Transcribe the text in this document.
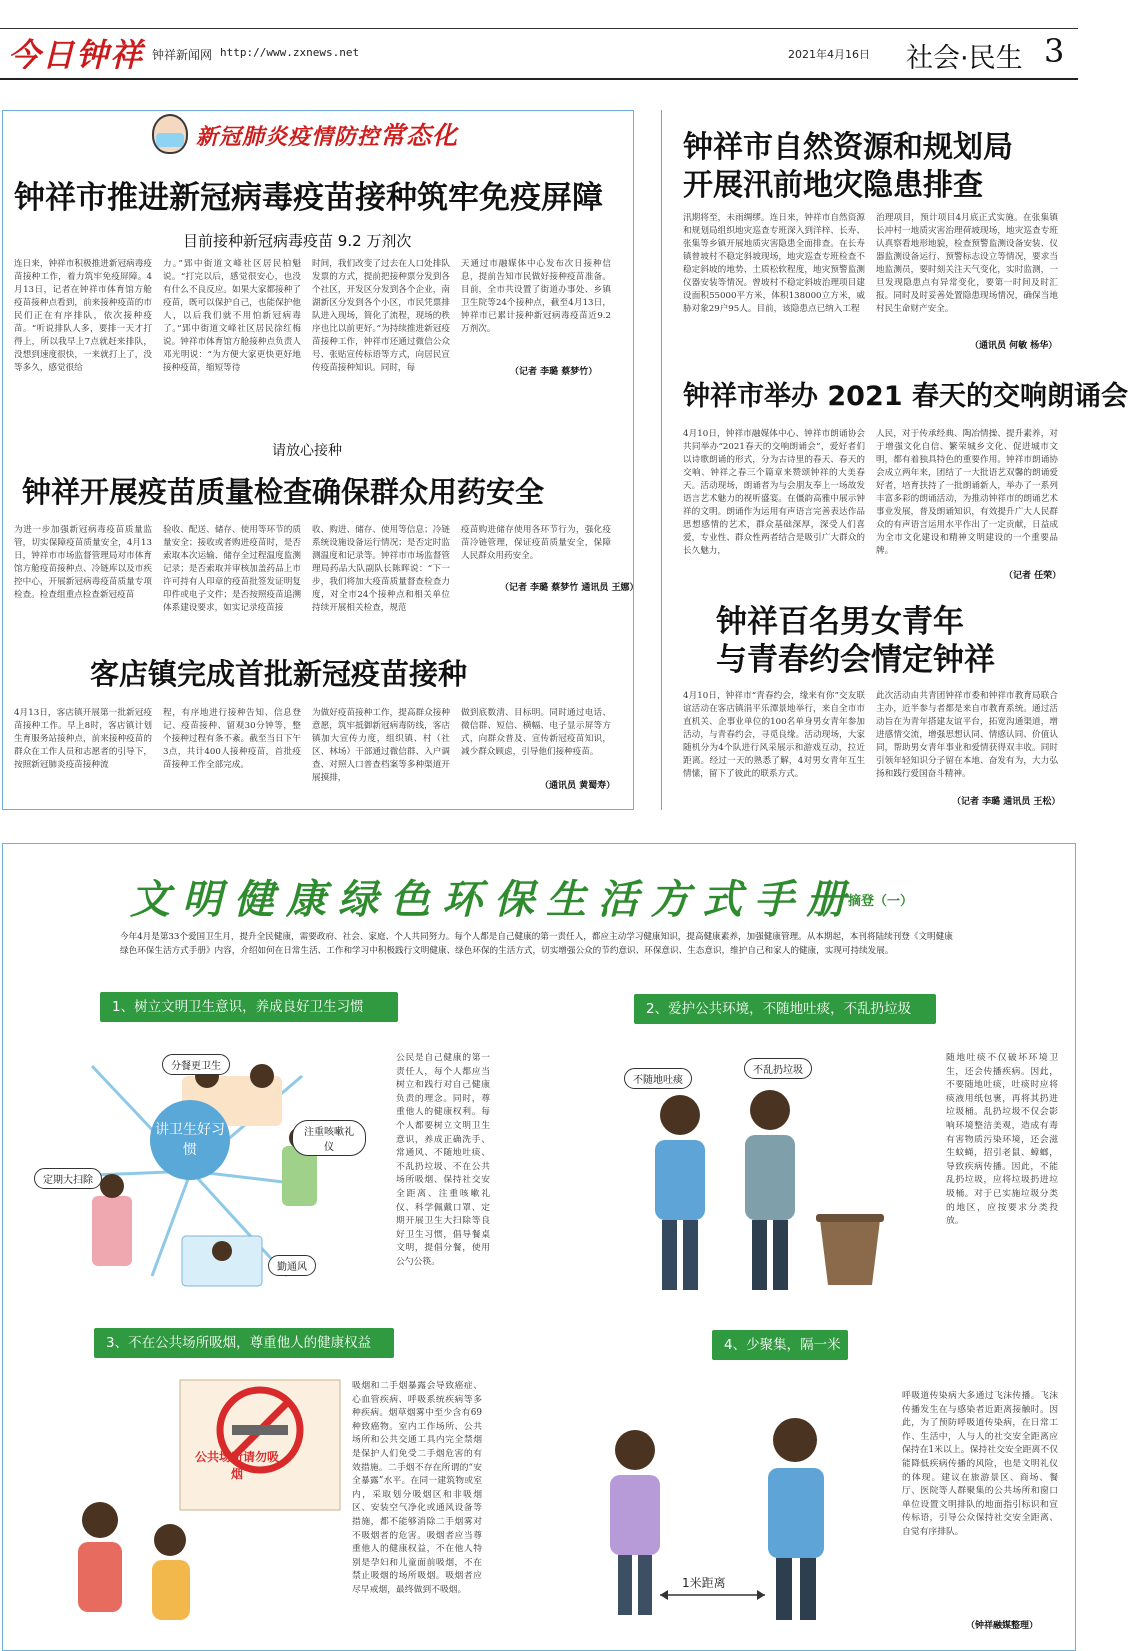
今日钟祥 钟祥新闻网 http://www.zxnews.net	2021年4月16日 社会·民生 3
新冠肺炎疫情防控常态化
钟祥市推进新冠病毒疫苗接种筑牢免疫屏障
目前接种新冠病毒疫苗 9.2 万剂次
连日来，钟祥市积极推进新冠病毒疫苗接种工作，着力筑牢免疫屏障。4月13日，记者在钟祥市体育馆方舱疫苗接种点看到，前来接种疫苗的市民们正在有序排队，依次接种疫苗。“听说排队人多，要排一天才打得上，所以我早上7点就赶来排队，没想到速度很快，一来就打上了，没等多久，感觉很给
力。”郢中街道文峰社区居民柏魁说。“打完以后，感觉很安心，也没有什么不良反应。如果大家都接种了疫苗，既可以保护自己，也能保护他人，以后我们就不用怕新冠病毒了。”郢中街道文峰社区居民徐红梅说。钟祥市体育馆方舱接种点负责人邓光明说：“为方便大家更快更好地接种疫苗，缩短等待
时间，我们改变了过去在人口处排队发票的方式，提前把接种票分发到各个社区，开发区分发到各个企业，南湖新区分发到各个小区，市民凭票排队进入现场，简化了流程，现场的秩序也比以前更好。”为持续推进新冠疫苗接种工作，钟祥市还通过微信公众号、张贴宣传标语等方式，向居民宣传疫苗接种知识。同时，每
天通过市融媒体中心发布次日接种信息，提前告知市民做好接种疫苗准备。目前，全市共设置了街道办事处、乡镇卫生院等24个接种点，截至4月13日，钟祥市已累计接种新冠病毒疫苗近9.2万剂次。
（记者 李璐 蔡梦竹）
请放心接种
钟祥开展疫苗质量检查确保群众用药安全
为进一步加强新冠病毒疫苗质量监管，切实保障疫苗质量安全，4月13日，钟祥市市场监督管理局对市体育馆方舱疫苗接种点、冷链库以及市疾控中心，开展新冠病毒疫苗质量专项检查。检查组重点检查新冠疫苗
验收、配送、储存、使用等环节的质量安全；接收或者购进疫苗时，是否索取本次运输、储存全过程温度监测记录；是否索取并审核加盖药品上市许可持有人印章的疫苗批签发证明复印件或电子文件；是否按照疫苗追溯体系建设要求，如实记录疫苗接
收、购进、储存、使用等信息；冷链系统设施设备运行情况；是否定时监测温度和记录等。钟祥市市场监督管理局药品大队副队长陈晖说：“下一步，我们将加大疫苗质量督查检查力度，对全市24个接种点和相关单位持续开展相关检查，规范
疫苗购进储存使用各环节行为，强化疫苗冷链管理，保证疫苗质量安全，保障人民群众用药安全。
（记者 李璐 蔡梦竹 通讯员 王娜）
客店镇完成首批新冠疫苗接种
4月13日，客店镇开展第一批新冠疫苗接种工作。早上8时，客店镇计划生育服务站接种点，前来接种疫苗的群众在工作人员和志愿者的引导下，按照新冠肺炎疫苗接种流
程，有序地进行接种告知、信息登记、疫苗接种、留观30分钟等，整个接种过程有条不紊。截至当日下午3点，共计400人接种疫苗，首批疫苗接种工作全部完成。
为做好疫苗接种工作，提高群众接种意愿，筑牢抵御新冠病毒防线，客店镇加大宣传力度，组织镇、村（社区、林场）干部通过微信群、入户调查、对照人口普查档案等多种渠道开展摸排，
做到底数清、目标明。同时通过电话、微信群、短信、横幅、电子显示屏等方式，向群众普及、宣传新冠疫苗知识，减少群众顾虑，引导他们接种疫苗。
（通讯员 黄蜀寿）
钟祥市自然资源和规划局
开展汛前地灾隐患排查
汛期将至，未雨绸缪。连日来，钟祥市自然资源和规划局组织地灾巡查专班深入到洋梓、长寿、张集等乡镇开展地质灾害隐患全面排查。在长寿镇曾坡村不稳定斜坡现场，地灾巡查专班检查不稳定斜坡的地势、土质松软程度，地灾预警监测仪器安装等情况。曾坡村不稳定斜坡治理项目建设面积55000平方米，体积138000立方米，威胁对象29户95人。目前，该隐患点已纳入工程
治理项目，预计项目4月底正式实施。在张集镇长冲村一地质灾害治理荷坡现场，地灾巡查专班认真察看地形地貌，检查预警监测设备安装、仪器监测设备运行、预警标志设立等情况，要求当地监测员，要时刻关注天气变化，实时监测，一旦发现隐患点有异常变化，要第一时间及时汇报。同时及时妥善处置隐患现场情况，确保当地村民生命财产安全。
（通讯员 何敏 杨华）
钟祥市举办 2021 春天的交响朗诵会
4月10日，钟祥市融媒体中心、钟祥市朗诵协会共同举办“2021春天的交响朗诵会”，爱好者们以诗歌朗诵的形式，分为古诗里的春天、春天的交响、钟祥之春三个篇章来赞颂钟祥的大美春天。活动现场，朗诵者为与会朋友奉上一场故发语言艺术魅力的视听盛宴。在僵韵高雅中展示钟祥的文明。朗诵作为运用有声语言完善表达作品思想感情的艺术，群众基础深厚，深受人们喜爱，专业性、群众性两者结合是吸引广大群众的长久魅力，
人民，对于传承经典、陶冶情操、提升素养，对于增强文化自信、繁荣城乡文化、促进城市文明，都有着独具特色的重要作用。钟祥市朗诵协会成立两年来，团结了一大批语艺双馨的朗诵爱好者，培育扶持了一批朗诵新人，举办了一系列丰富多彩的朗诵活动，为推动钟祥市的朗诵艺术事业发展，普及朗诵知识，有效提升广大人民群众的有声语言运用水平作出了一定贡献，日益成为全市文化建设和精神文明建设的一个重要品牌。
（记者 任荣）
钟祥百名男女青年
与青春约会情定钟祥
4月10日，钟祥市“青春约会，缘来有你”交友联谊活动在客店镇涓平乐潭景地举行，来自全市市直机关、企事业单位的100名单身男女青年参加活动，与青春约会，寻觅良缘。活动现场，大家随机分为4个队进行风采展示和游戏互动，拉近距离。经过一天的熟悉了解，4对男女青年互生情愫，留下了彼此的联系方式。
此次活动由共青团钟祥市委和钟祥市教育局联合主办，近半参与者都是来自市教育系统。通过活动旨在为青年搭建友谊平台，拓宽沟通渠道，增进感情交流，增强思想认同、情感认同、价值认同，帮助男女青年事业和爱情获得双丰收。同时引领年轻知识分子留在本地、奋发有为，大力弘扬和践行爱国奋斗精神。
（记者 李璐 通讯员 王松）
文明健康绿色环保生活方式手册
摘登（一）
今年4月是第33个爱国卫生月，提升全民健康，需要政府、社会、家庭、个人共同努力。每个人都是自己健康的第一责任人，都应主动学习健康知识，提高健康素养，加强健康管理。从本期起，本刊将陆续刊登《文明健康绿色环保生活方式手册》内容，介绍如何在日常生活、工作和学习中积极践行文明健康、绿色环保的生活方式，切实增强公众的节约意识、环保意识、生态意识，维护自己和家人的健康，实现可持续发展。
1、树立文明卫生意识，养成良好卫生习惯
讲卫生好习惯
分餐更卫生
注重咳嗽礼仪
定期大扫除
勤通风
公民是自己健康的第一责任人，每个人都应当树立和践行对自己健康负责的理念。同时，尊重他人的健康权利。每个人都要树立文明卫生意识，养成正确洗手、常通风、不随地吐痰、不乱扔垃圾、不在公共场所吸烟、保持社交安全距离、注重咳嗽礼仪、科学佩戴口罩、定期开展卫生大扫除等良好卫生习惯，倡导餐桌文明，提倡分餐，使用公勺公筷。
2、爱护公共环境，不随地吐痰，不乱扔垃圾
不随地吐痰
不乱扔垃圾
随地吐痰不仅破坏环境卫生，还会传播疾病。因此，不要随地吐痰，吐痰时应将痰液用纸包裹，再将其扔进垃圾桶。乱扔垃圾不仅会影响环境整洁美观，造成有毒有害物质污染环境，还会滋生蚊蝇，招引老鼠、蟑螂，导致疾病传播。因此，不能乱扔垃圾，应将垃圾扔进垃圾桶。对于已实施垃圾分类的地区，应按要求分类投放。
3、不在公共场所吸烟，尊重他人的健康权益
公共场所请勿吸烟
吸烟和二手烟暴露会导致癌症、心血管疾病、呼吸系统疾病等多种疾病。烟草烟雾中至少含有69种致癌物。室内工作场所、公共场所和公共交通工具内完全禁烟是保护人们免受二手烟危害的有效措施。二手烟不存在所谓的“安全暴露”水平。在同一建筑物或室内，采取划分吸烟区和非吸烟区、安装空气净化或通风设备等措施，都不能够消除二手烟雾对不吸烟者的危害。吸烟者应当尊重他人的健康权益，不在他人特别是孕妇和儿童面前吸烟，不在禁止吸烟的场所吸烟。吸烟者应尽早戒烟，最终做到不吸烟。
4、少聚集，隔一米
1米距离
呼吸道传染病大多通过飞沫传播。飞沫传播发生在与感染者近距离接触时。因此，为了预防呼吸道传染病，在日常工作、生活中，人与人的社交安全距离应保持在1米以上。保持社交安全距离不仅能降低疾病传播的风险，也是文明礼仪的体现。建议在旅游景区、商场、餐厅、医院等人群聚集的公共场所和窗口单位设置文明排队的地面指引标识和宣传标语，引导公众保持社交安全距离、自觉有序排队。
（钟祥融媒整理）
